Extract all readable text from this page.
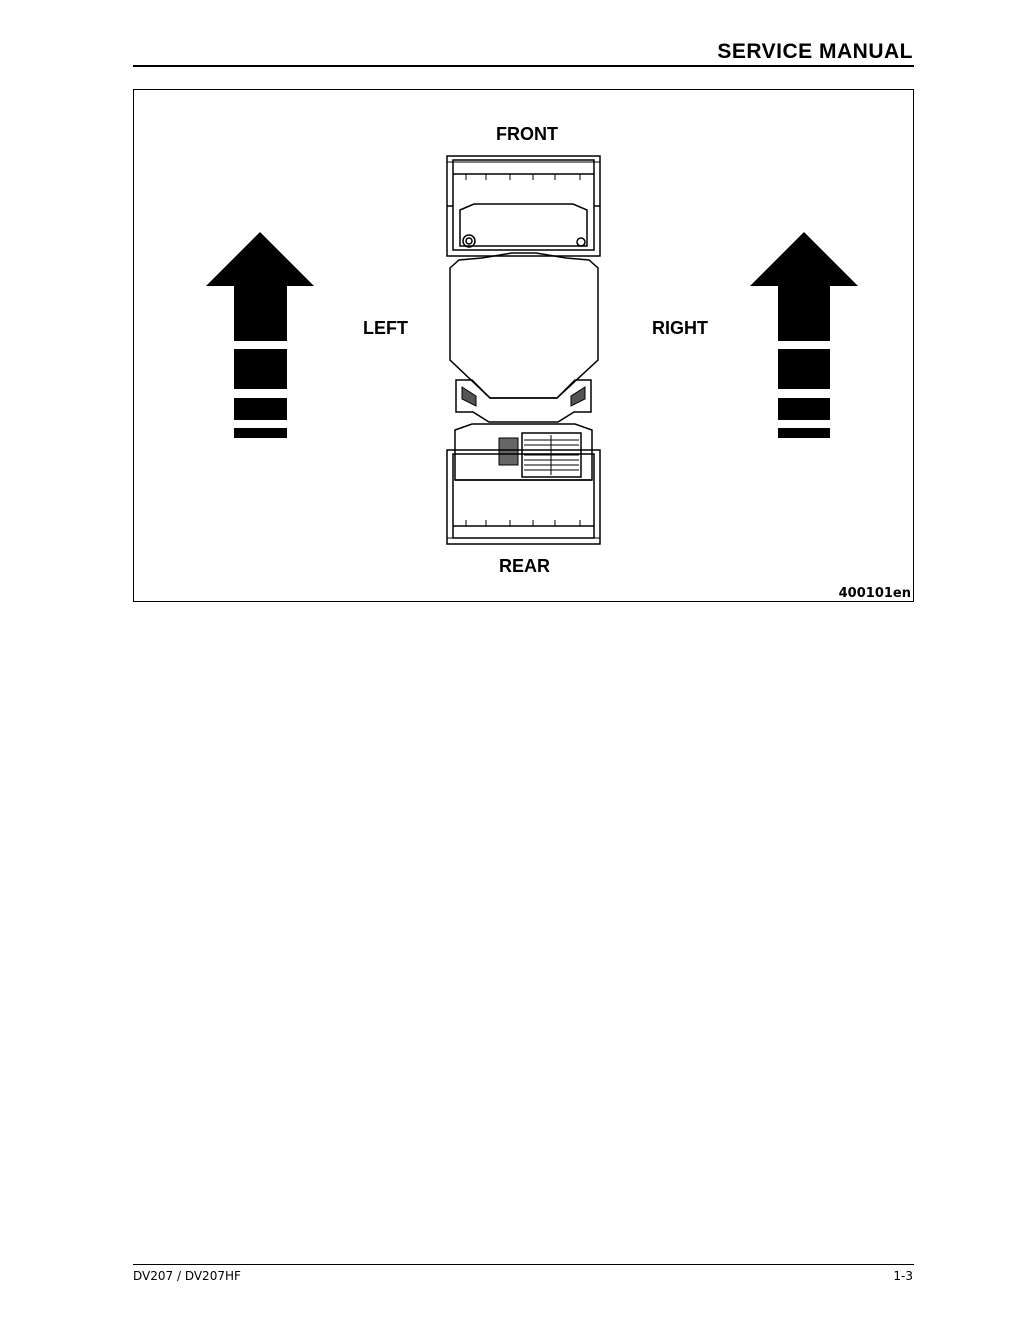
SERVICE MANUAL
FRONT
LEFT	RIGHT
REAR
400101en
DV207 / DV207HF	1-3
